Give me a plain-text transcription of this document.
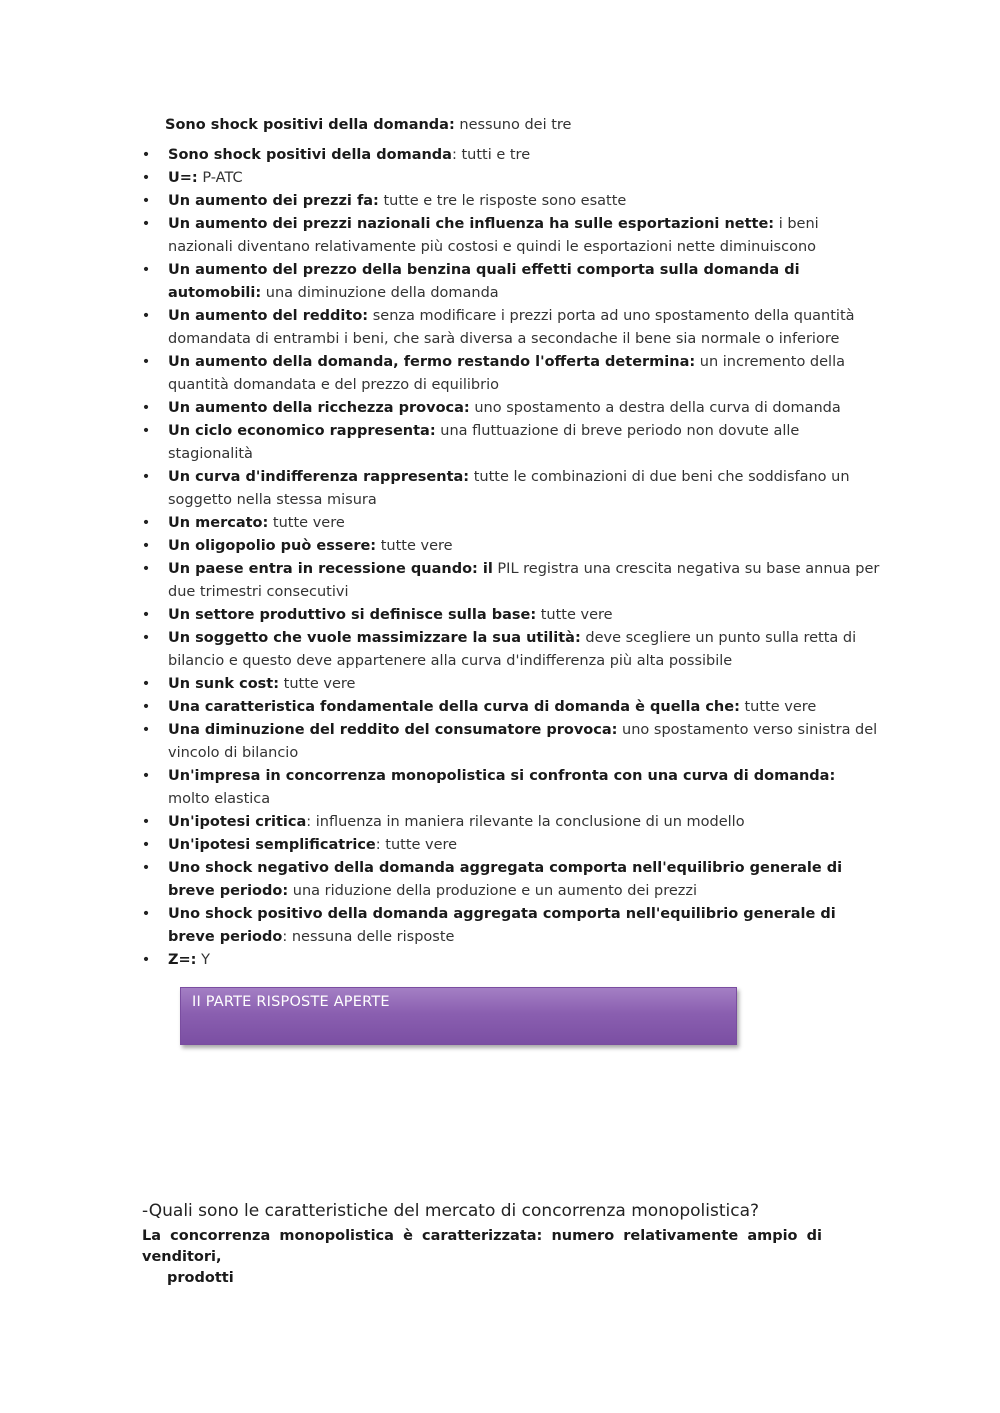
Sono shock positivi della domanda: nessuno dei tre
• Sono shock positivi della domanda: tutti e tre
• U=: P-ATC
• Un aumento dei prezzi fa: tutte e tre le risposte sono esatte
• Un aumento dei prezzi nazionali che influenza ha sulle esportazioni nette: i beni nazionali diventano relativamente più costosi e quindi le esportazioni nette diminuiscono
• Un aumento del prezzo della benzina quali effetti comporta sulla domanda di automobili: una diminuzione della domanda
• Un aumento del reddito: senza modificare i prezzi porta ad uno spostamento della quantità domandata di entrambi i beni, che sarà diversa a secondache il bene sia normale o inferiore
• Un aumento della domanda, fermo restando l'offerta determina: un incremento della quantità domandata e del prezzo di equilibrio
• Un aumento della ricchezza provoca: uno spostamento a destra della curva di domanda
• Un ciclo economico rappresenta: una fluttuazione di breve periodo non dovute alle stagionalità
• Un curva d'indifferenza rappresenta: tutte le combinazioni di due beni che soddisfano un soggetto nella stessa misura
• Un mercato: tutte vere
• Un oligopolio può essere: tutte vere
• Un paese entra in recessione quando: il PIL registra una crescita negativa su base annua per due trimestri consecutivi
• Un settore produttivo si definisce sulla base: tutte vere
• Un soggetto che vuole massimizzare la sua utilità: deve scegliere un punto sulla retta di bilancio e questo deve appartenere alla curva d'indifferenza più alta possibile
• Un sunk cost: tutte vere
• Una caratteristica fondamentale della curva di domanda è quella che: tutte vere
• Una diminuzione del reddito del consumatore provoca: uno spostamento verso sinistra del vincolo di bilancio
• Un'impresa in concorrenza monopolistica si confronta con una curva di domanda: molto elastica
• Un'ipotesi critica: influenza in maniera rilevante la conclusione di un modello
• Un'ipotesi semplificatrice: tutte vere
• Uno shock negativo della domanda aggregata comporta nell'equilibrio generale di breve periodo: una riduzione della produzione e un aumento dei prezzi
• Uno shock positivo della domanda aggregata comporta nell'equilibrio generale di breve periodo: nessuna delle risposte
• Z=: Y
II PARTE RISPOSTE APERTE
-Quali sono le caratteristiche del mercato di concorrenza monopolistica?
La concorrenza monopolistica è caratterizzata: numero relativamente ampio di venditori,
prodotti
